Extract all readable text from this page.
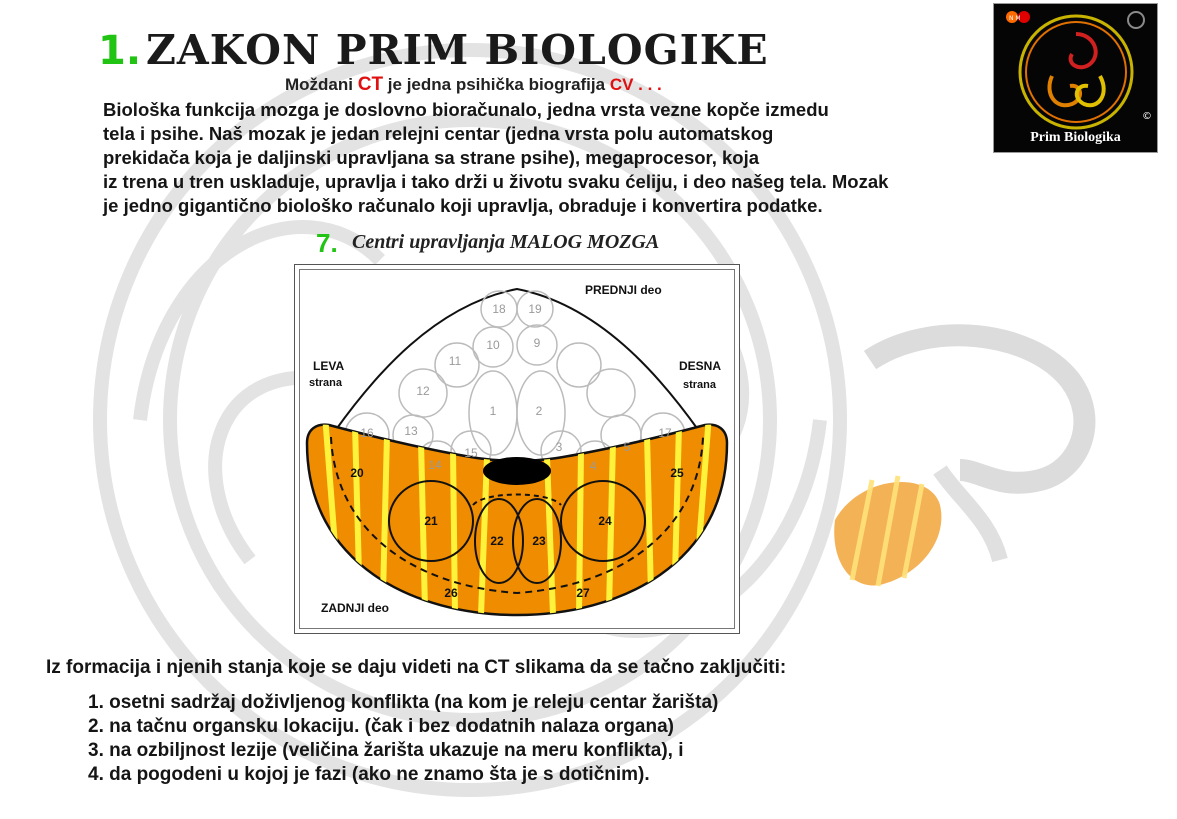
1. ZAKON PRIM BIOLOGIKE
Moždani CT je jedna psihička biografija CV . . .
Biološka funkcija mozga je doslovno bioračunalo, jedna vrsta vezne kopče izmedu
tela i psihe. Naš mozak je jedan relejni centar (jedna vrsta polu automatskog
prekidača koja je daljinski upravljana sa strane psihe), megaprocesor, koja
iz trena u tren uskladuje, upravlja i tako drži u životu svaku ćeliju, i deo našeg tela. Mozak
je jedno gigantično biološko računalo koji upravlja, obraduje i konvertira podatke.
©
N M
Prim Biologika
7. Centri upravljanja MALOG MOZGA
1	2
3
4
5
9
10
11
12
13
14
15
16	17
18 19
20
21
22 23
24
25
26	27
PREDNJI deo
LEVA
strana
DESNA
strana
ZADNJI deo
Iz formacija i njenih stanja koje se daju videti na CT slikama da se tačno zaključiti:
1. osetni sadržaj doživljenog konflikta (na kom je releju centar žarišta)
2. na tačnu organsku lokaciju. (čak i bez dodatnih nalaza organa)
3. na ozbiljnost lezije (veličina žarišta ukazuje na meru konflikta), i
4. da pogodeni u kojoj je fazi (ako ne znamo šta je s dotičnim).
